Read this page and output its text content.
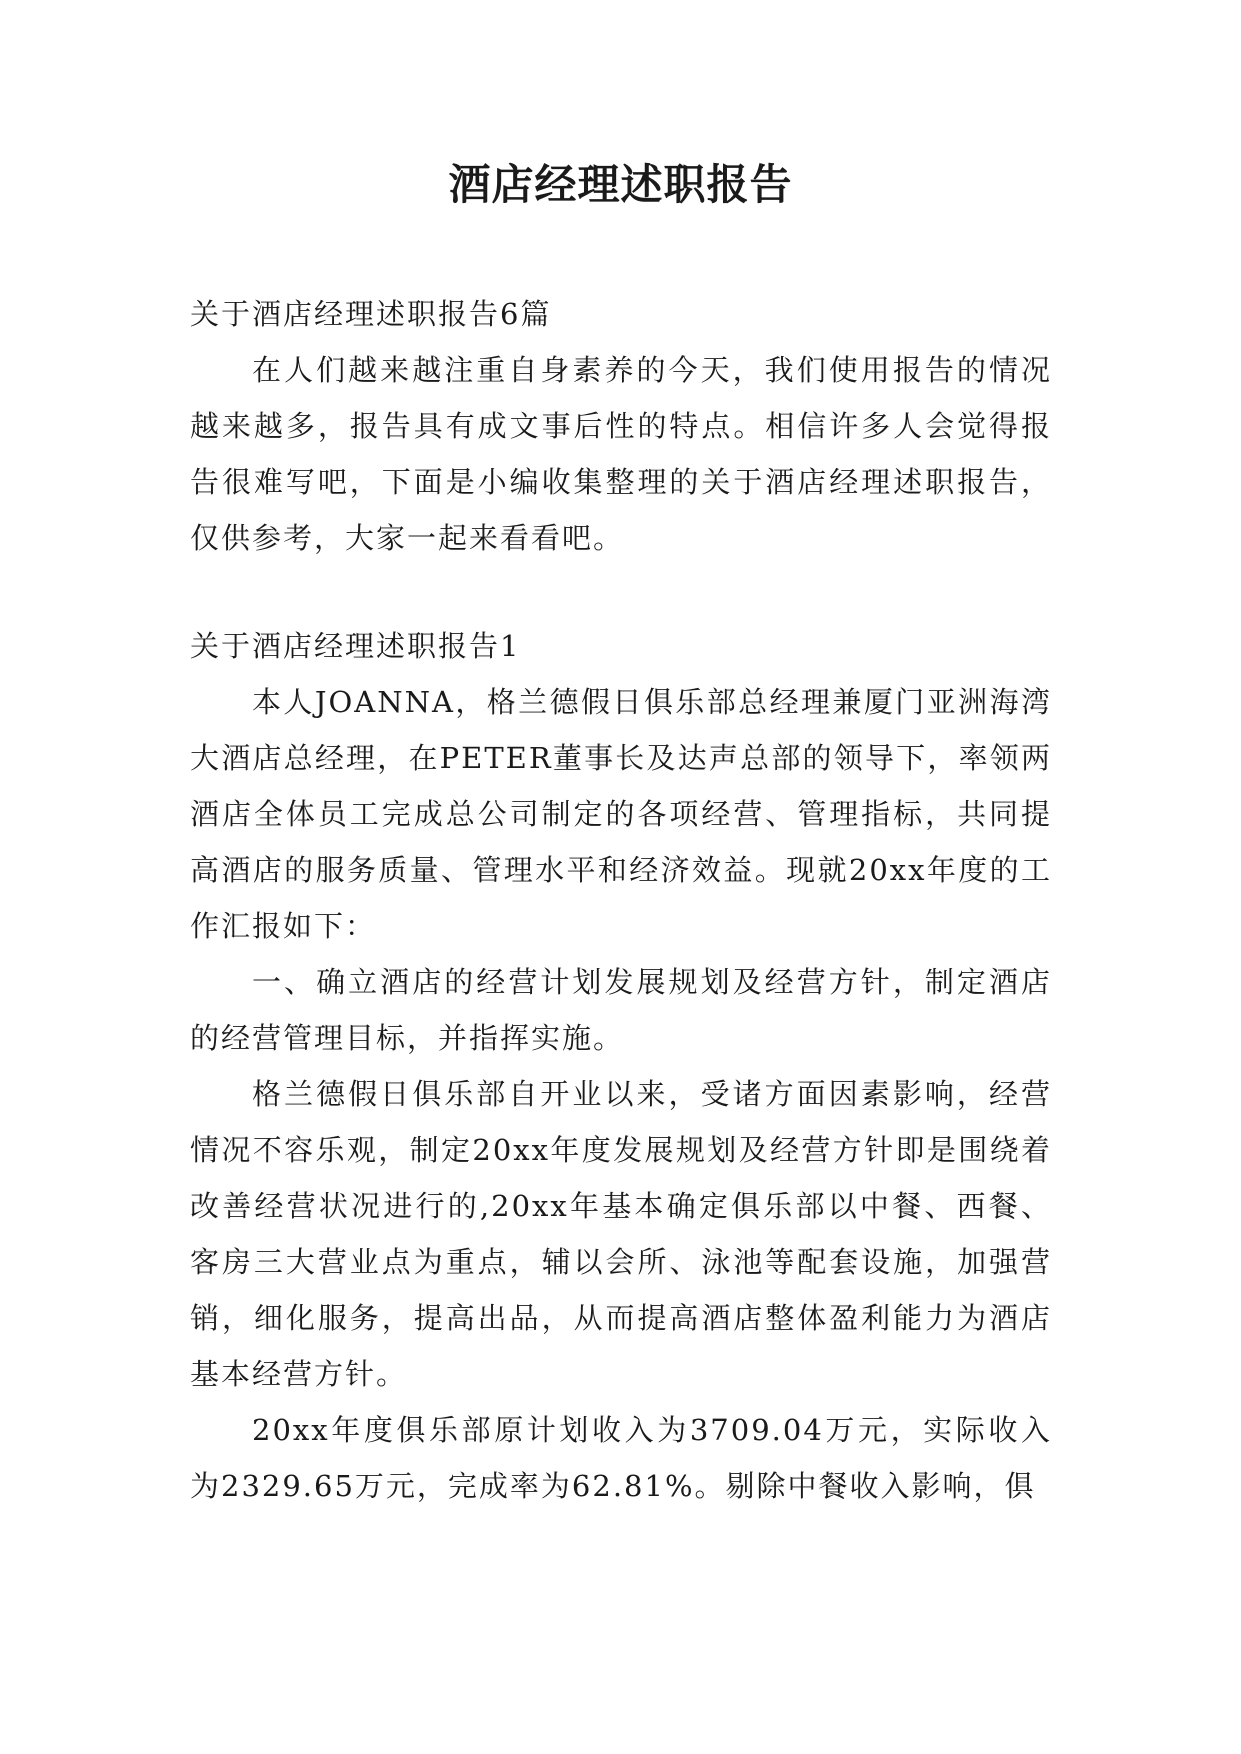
酒店经理述职报告

关于酒店经理述职报告6篇

在人们越来越注重自身素养的今天，我们使用报告的情况越来越多，报告具有成文事后性的特点。相信许多人会觉得报告很难写吧，下面是小编收集整理的关于酒店经理述职报告，仅供参考，大家一起来看看吧。

关于酒店经理述职报告1

本人JOANNA，格兰德假日俱乐部总经理兼厦门亚洲海湾大酒店总经理，在PETER董事长及达声总部的领导下，率领两酒店全体员工完成总公司制定的各项经营、管理指标，共同提高酒店的服务质量、管理水平和经济效益。现就20xx年度的工作汇报如下：

一、确立酒店的经营计划发展规划及经营方针，制定酒店的经营管理目标，并指挥实施。

格兰德假日俱乐部自开业以来，受诸方面因素影响，经营情况不容乐观，制定20xx年度发展规划及经营方针即是围绕着改善经营状况进行的,20xx年基本确定俱乐部以中餐、西餐、客房三大营业点为重点，辅以会所、泳池等配套设施，加强营销，细化服务，提高出品，从而提高酒店整体盈利能力为酒店基本经营方针。

20xx年度俱乐部原计划收入为3709.04万元，实际收入为2329.65万元，完成率为62.81%。剔除中餐收入影响，俱
